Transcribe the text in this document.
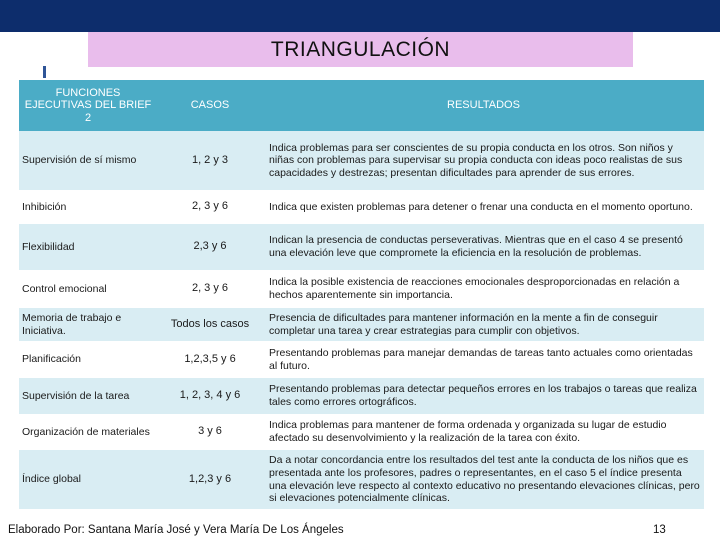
TRIANGULACIÓN
FUNCIONES EJECUTIVAS DEL BRIEF 2	CASOS	RESULTADOS
Supervisión de sí mismo	1, 2 y 3	Indica problemas para ser conscientes de su propia conducta en los otros. Son niños y niñas con problemas para supervisar su propia conducta con ideas poco realistas de sus capacidades y destrezas; presentan dificultades para aprender de sus errores.
Inhibición	2, 3 y 6	Indica que existen problemas para detener o frenar una conducta en el momento oportuno.
Flexibilidad	2,3 y 6	Indican la presencia de conductas perseverativas. Mientras que en el caso 4 se presentó una elevación leve que compromete la eficiencia en la resolución de problemas.
Control emocional	2, 3 y 6	Indica la posible existencia de reacciones emocionales desproporcionadas en relación a hechos aparentemente sin importancia.
Memoria de trabajo e Iniciativa.	Todos los casos	Presencia de dificultades para mantener información en la mente a fin de conseguir completar una tarea y crear estrategias para cumplir con objetivos.
Planificación	1,2,3,5 y 6	Presentando problemas para manejar demandas de tareas tanto actuales como orientadas al futuro.
Supervisión de la tarea	1, 2, 3, 4 y 6	Presentando problemas para detectar pequeños errores en los trabajos o tareas que realiza tales como errores ortográficos.
Organización de materiales	3 y 6	Indica problemas para mantener de forma ordenada y organizada su lugar de estudio afectado su desenvolvimiento y la realización de la tarea con éxito.
Índice global	1,2,3 y 6	Da a notar concordancia entre los resultados del test ante la conducta de los niños que es presentada ante los profesores, padres o representantes, en el caso 5 el índice presenta una elevación leve respecto al contexto educativo no presentando elevaciones clínicas, pero si elevaciones potencialmente clínicas.
Elaborado Por: Santana María José y Vera María De Los Ángeles	13
